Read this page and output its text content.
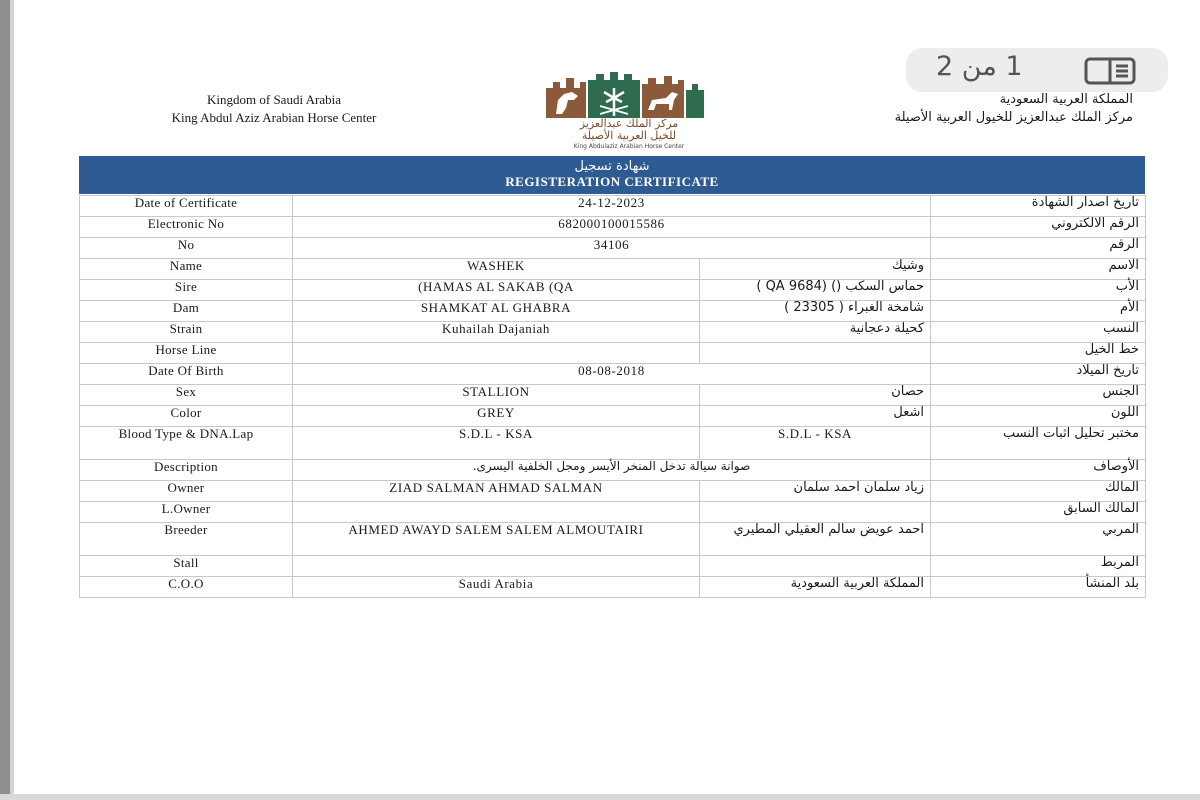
Kingdom of Saudi Arabia
King Abdul Aziz Arabian Horse Center
المملكة العربية السعودية
مركز الملك عبدالعزيز للخيول العربية الأصيلة
مركز الملك عبدالعزيز
للخيل العربية الأصيلة
King Abdulaziz Arabian Horse Center
شهادة تسجيل
REGISTERATION CERTIFICATE
Date of Certificate	24-12-2023		تاريخ اصدار الشهادة
Electronic No	682000100015586		الرقم الالكتروني
No	34106		الرقم
Name	WASHEK	وشيك	الاسم
Sire	(HAMAS AL SAKAB (QA	حماس السكب () (QA 9684 )	الأب
Dam	SHAMKAT AL GHABRA	شامخة الغبراء ( 23305 )	الأم
Strain	Kuhailah Dajaniah	كحيلة دعجانية	النسب
Horse Line			خط الخيل
Date Of Birth	08-08-2018		تاريخ الميلاد
Sex	STALLION	حصان	الجنس
Color	GREY	اشعل	اللون
Blood Type & DNA.Lap	S.D.L - KSA	S.D.L - KSA	مختبر تحليل اثبات النسب
Description	صوانة سيالة تدخل المنخر الأيسر ومجل الخلفية اليسرى.		الأوصاف
Owner	ZIAD SALMAN AHMAD SALMAN	زياد سلمان احمد سلمان	المالك
L.Owner			المالك السابق
Breeder	AHMED AWAYD SALEM SALEM ALMOUTAIRI	احمد عويض سالم العقيلي المطيري	المربي
Stall			المربط
C.O.O	Saudi Arabia	المملكة العربية السعودية	بلد المنشأ
1 من 2
